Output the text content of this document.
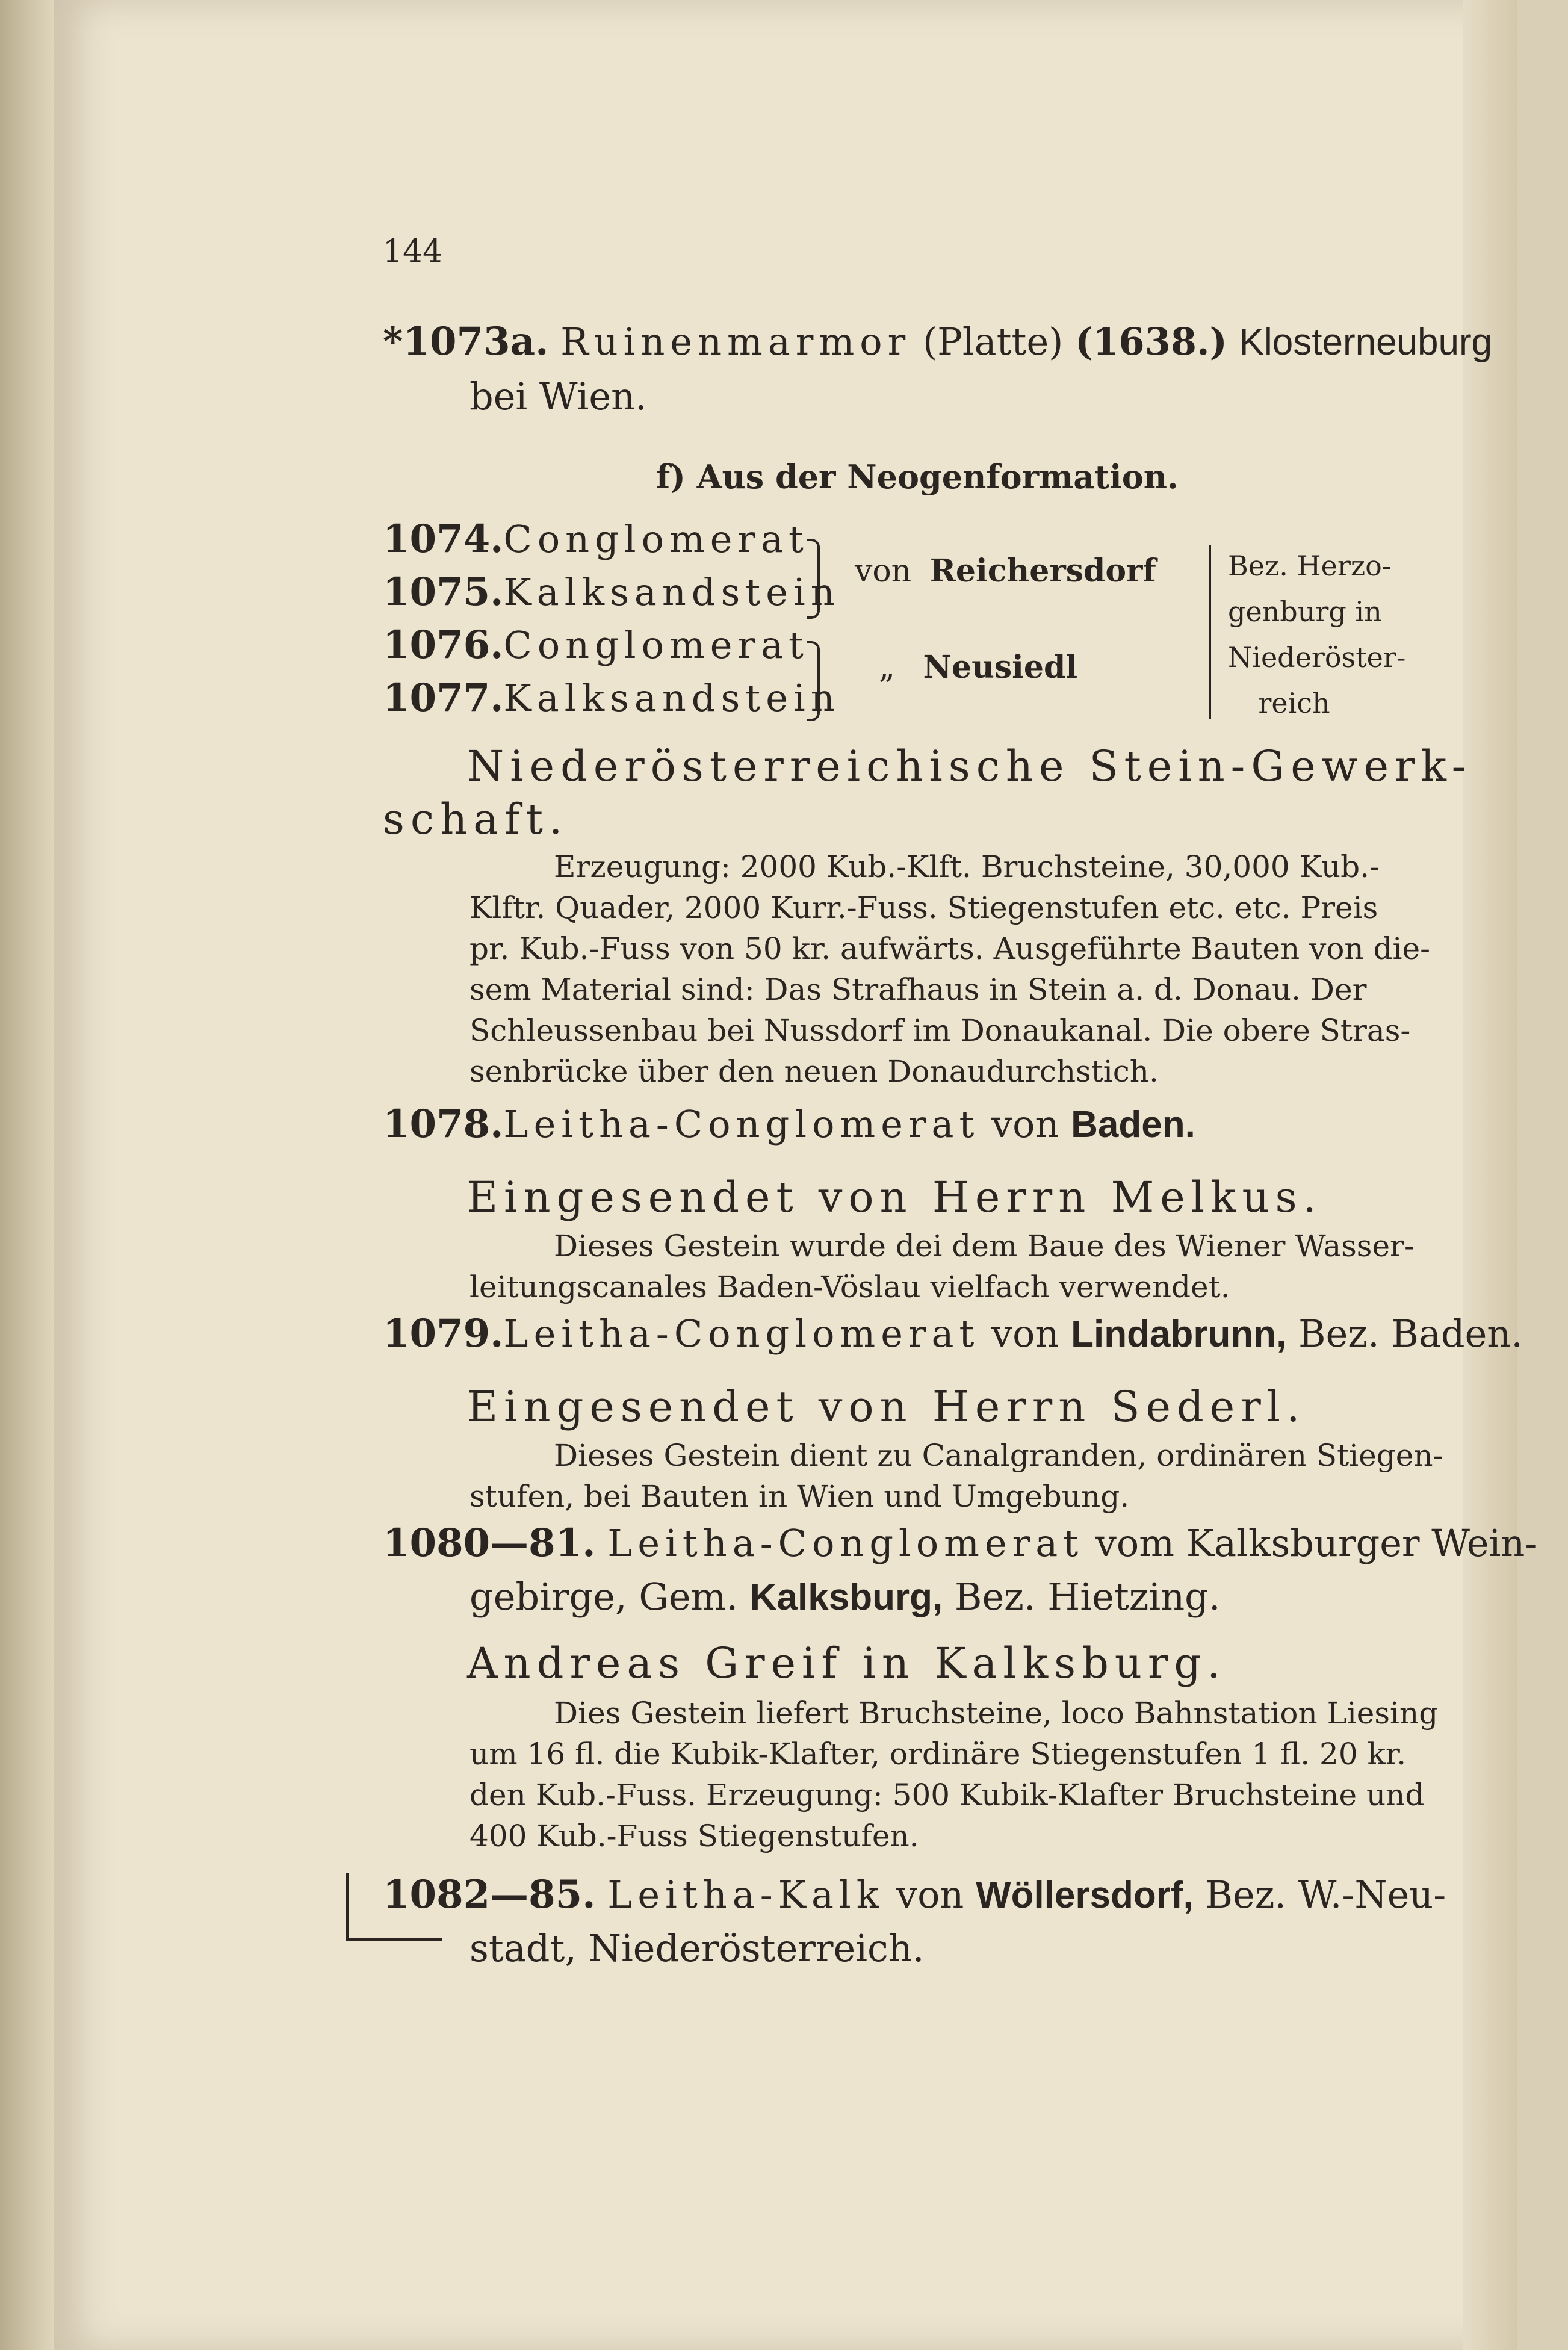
144
*1073a. Ruinenmarmor (Platte) (1638.) Klosterneuburg
bei Wien.
f) Aus der Neogenformation.
1074.Conglomerat
1075.Kalksandstein
1076.Conglomerat
1077.Kalksandstein
von Reichersdorf
„ Neusiedl
Bez. Herzo-
genburg in
Niederöster-
reich
Niederösterreichische Stein-Gewerk-
schaft.
Erzeugung: 2000 Kub.-Klft. Bruchsteine, 30,000 Kub.-
Klftr. Quader, 2000 Kurr.-Fuss. Stiegenstufen etc. etc. Preis
pr. Kub.-Fuss von 50 kr. aufwärts. Ausgeführte Bauten von die-
sem Material sind: Das Strafhaus in Stein a. d. Donau. Der
Schleussenbau bei Nussdorf im Donaukanal. Die obere Stras-
senbrücke über den neuen Donaudurchstich.
1078.Leitha-Conglomerat von Baden.
Eingesendet von Herrn Melkus.
Dieses Gestein wurde dei dem Baue des Wiener Wasser-
leitungscanales Baden-Vöslau vielfach verwendet.
1079.Leitha-Conglomerat von Lindabrunn, Bez. Baden.
Eingesendet von Herrn Sederl.
Dieses Gestein dient zu Canalgranden, ordinären Stiegen-
stufen, bei Bauten in Wien und Umgebung.
1080—81. Leitha-Conglomerat vom Kalksburger Wein-
gebirge, Gem. Kalksburg, Bez. Hietzing.
Andreas Greif in Kalksburg.
Dies Gestein liefert Bruchsteine, loco Bahnstation Liesing
um 16 fl. die Kubik-Klafter, ordinäre Stiegenstufen 1 fl. 20 kr.
den Kub.-Fuss. Erzeugung: 500 Kubik-Klafter Bruchsteine und
400 Kub.-Fuss Stiegenstufen.
1082—85. Leitha-Kalk von Wöllersdorf, Bez. W.-Neu-
stadt, Niederösterreich.
